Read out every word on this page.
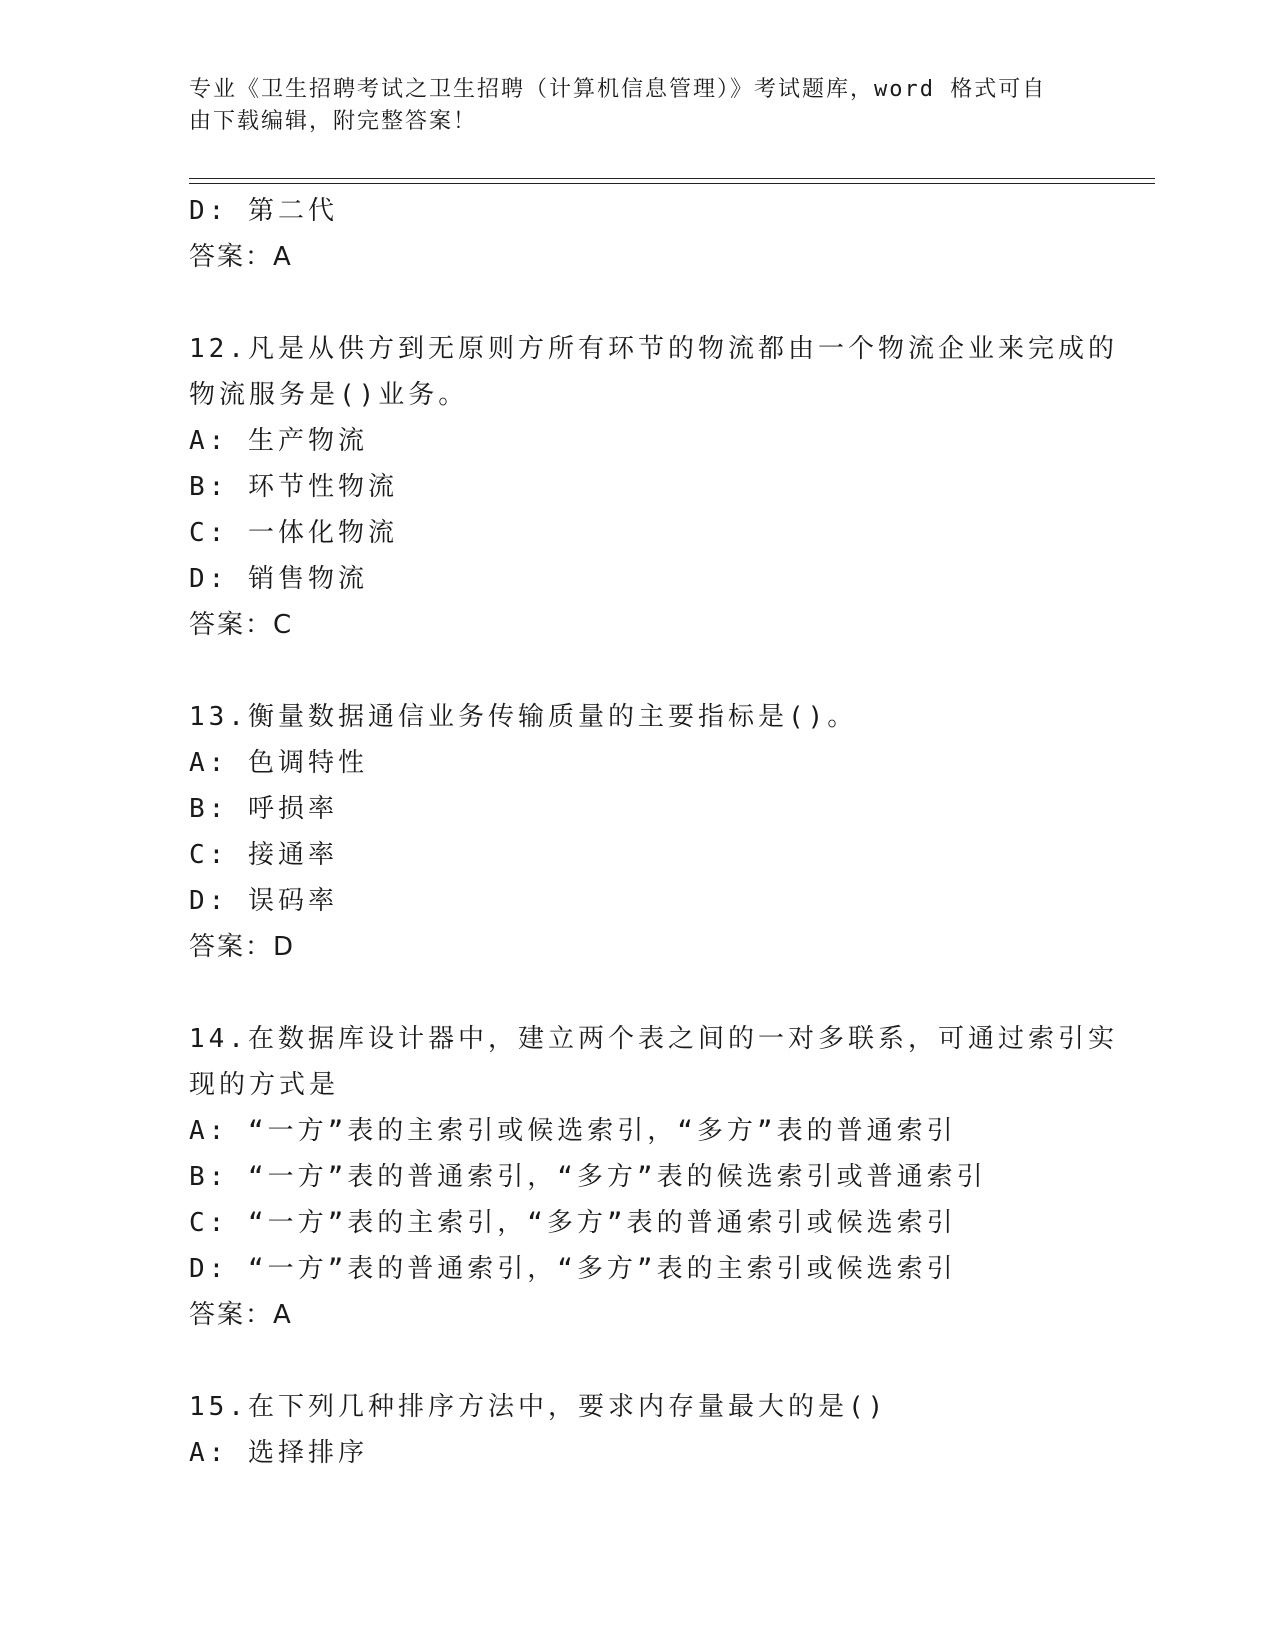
专业《卫生招聘考试之卫生招聘（计算机信息管理）》考试题库，word 格式可自
由下载编辑，附完整答案！
D: 第二代
答案：A
12.凡是从供方到无原则方所有环节的物流都由一个物流企业来完成的
物流服务是()业务。
A: 生产物流
B: 环节性物流
C: 一体化物流
D: 销售物流
答案：C
13.衡量数据通信业务传输质量的主要指标是()。
A: 色调特性
B: 呼损率
C: 接通率
D: 误码率
答案：D
14.在数据库设计器中，建立两个表之间的一对多联系，可通过索引实
现的方式是
A: “一方”表的主索引或候选索引，“多方”表的普通索引
B: “一方”表的普通索引，“多方”表的候选索引或普通索引
C: “一方”表的主索引，“多方”表的普通索引或候选索引
D: “一方”表的普通索引，“多方”表的主索引或候选索引
答案：A
15.在下列几种排序方法中，要求内存量最大的是()
A: 选择排序
